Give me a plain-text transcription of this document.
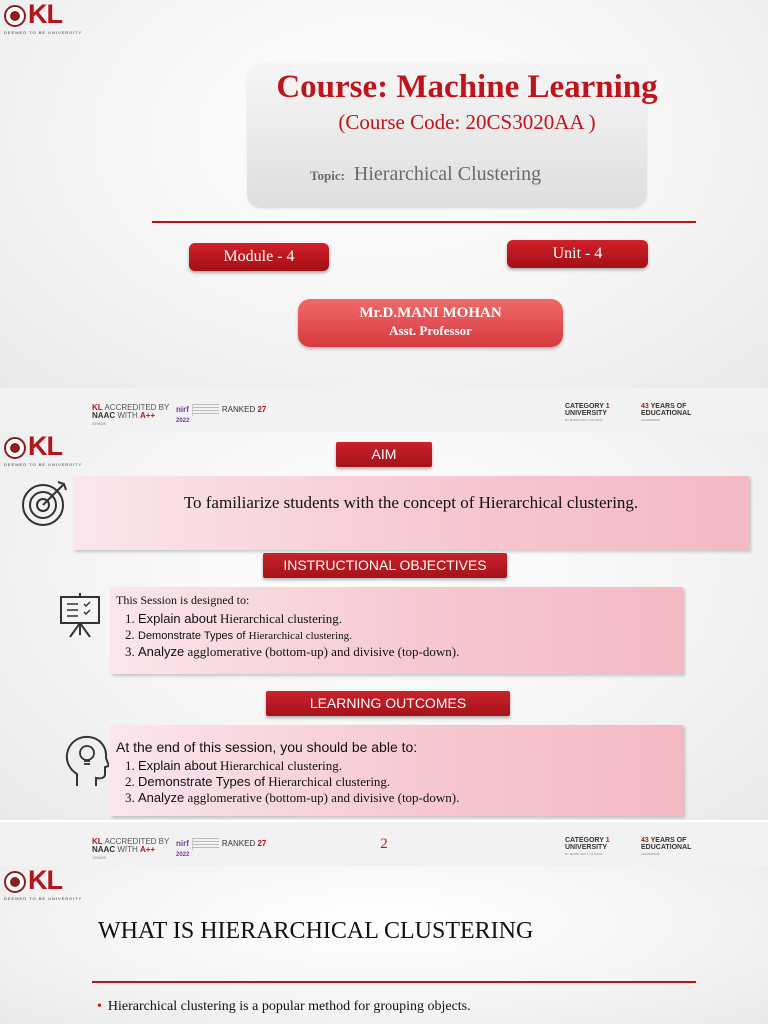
KL
DEEMED TO BE UNIVERSITY
Course: Machine Learning
(Course Code: 20CS3020AA )
Topic: Hierarchical Clustering
Module - 4	Unit - 4
Mr.D.MANI MOHAN
Asst. Professor
KL ACCREDITED BY
NAAC WITH A++
GRADE
nirf	RANKED 27
2022
CATEGORY 1
UNIVERSITY
BY MHRD GOVT. OF INDIA
43 YEARS OF
EDUCATIONAL
LEADERSHIP
KL
DEEMED TO BE UNIVERSITY
AIM
To familiarize students with the concept of Hierarchical clustering.
INSTRUCTIONAL OBJECTIVES
This Session is designed to:
1. Explain about Hierarchical clustering.
2. Demonstrate Types of Hierarchical clustering.
3. Analyze agglomerative (bottom-up) and divisive (top-down).
LEARNING OUTCOMES
At the end of this session, you should be able to:
1. Explain about Hierarchical clustering.
2. Demonstrate Types of Hierarchical clustering.
3. Analyze agglomerative (bottom-up) and divisive (top-down).
KL ACCREDITED BY
NAAC WITH A++
GRADE
nirf	RANKED 27
2022
2	CATEGORY 1
UNIVERSITY
BY MHRD GOVT. OF INDIA
43 YEARS OF
EDUCATIONAL
LEADERSHIP
KL
DEEMED TO BE UNIVERSITY
WHAT IS HIERARCHICAL CLUSTERING
• Hierarchical clustering is a popular method for grouping objects.
